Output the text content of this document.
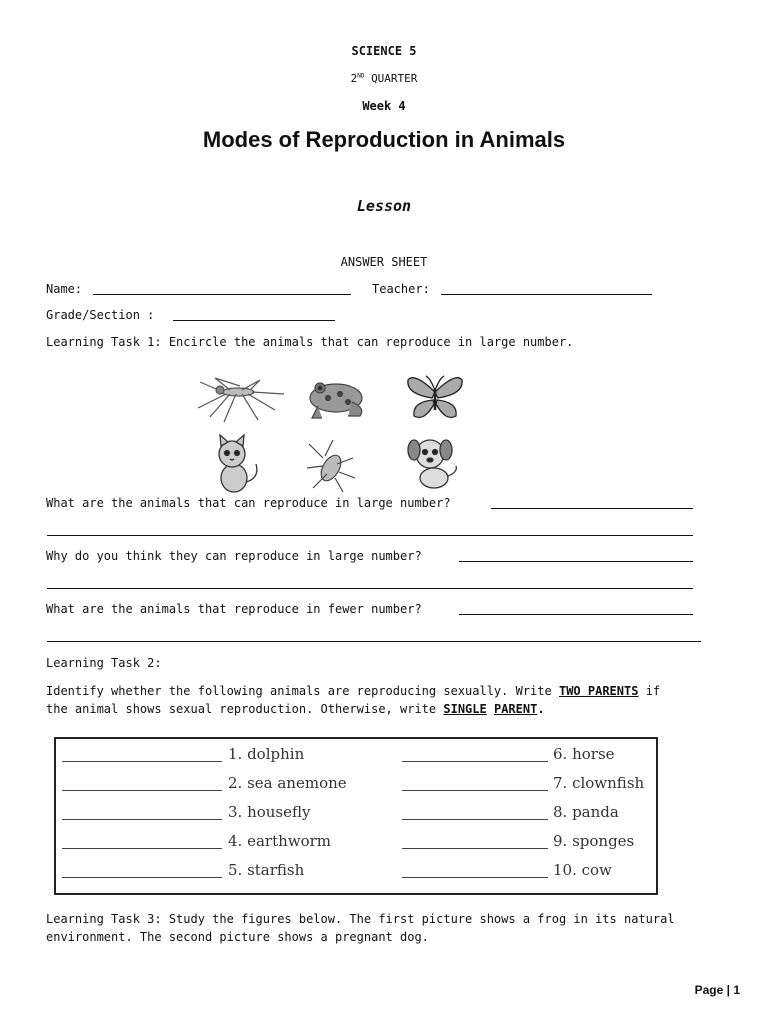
SCIENCE 5
2ND QUARTER
Week 4
Modes of Reproduction in Animals
Lesson
ANSWER SHEET
Name:	Teacher:
Grade/Section :
Learning Task 1: Encircle the animals that can reproduce in large number.
What are the animals that can reproduce in large number?
Why do you think they can reproduce in large number?
What are the animals that reproduce in fewer number?
Learning Task 2:
Identify whether the following animals are reproducing sexually. Write TWO PARENTS if
the animal shows sexual reproduction. Otherwise, write SINGLE PARENT.
1. dolphin
2. sea anemone
3. housefly
4. earthworm
5. starfish
6. horse
7. clownfish
8. panda
9. sponges
10. cow
Learning Task 3: Study the figures below. The first picture shows a frog in its natural
environment. The second picture shows a pregnant dog.
Page | 1
